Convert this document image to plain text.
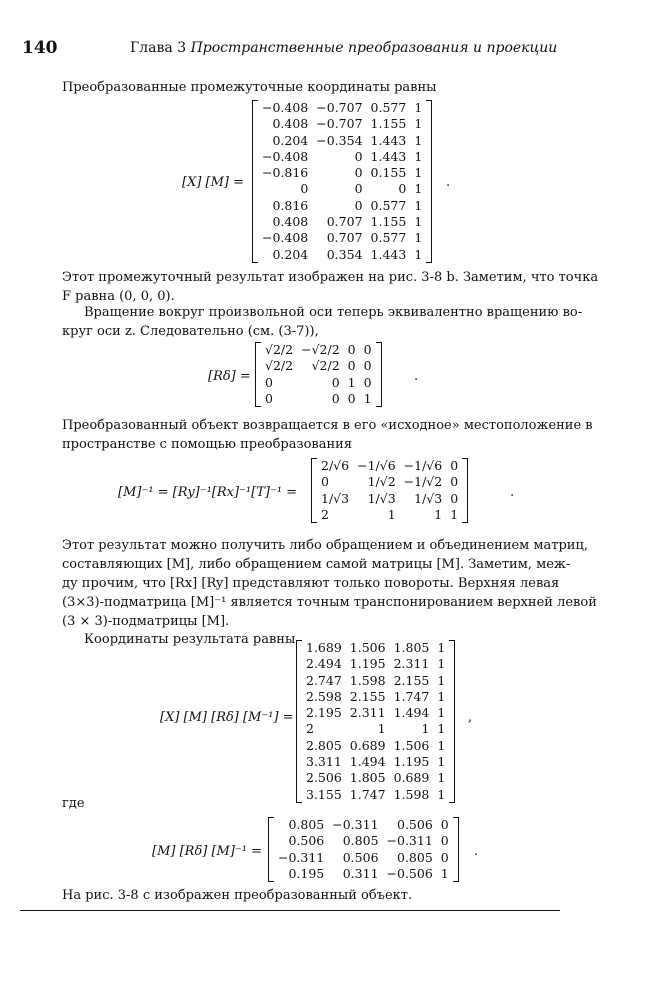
140	Глава 3 Пространственные преобразования и проекции
Преобразованные промежуточные координаты равны
[X] [M] =
−0.408	−0.707	0.577	1
0.408	−0.707	1.155	1
0.204	−0.354	1.443	1
−0.408	0	1.443	1
−0.816	0	0.155	1
0	0	0	1
0.816	0	0.577	1
0.408	0.707	1.155	1
−0.408	0.707	0.577	1
0.204	0.354	1.443	1
.
Этот промежуточный результат изображен на рис. 3-8 b. Заметим, что точка
F равна (0, 0, 0).
Вращение вокруг произвольной оси теперь эквивалентно вращению во-
круг оси z. Следовательно (см. (3-7)),
[Rδ] =
√2/2	−√2/2	0	0
√2/2	√2/2	0	0
0	0	1	0
0	0	0	1
.
Преобразованный объект возвращается в его «исходное» местоположение в
пространстве с помощью преобразования
[M]⁻¹ = [Ry]⁻¹[Rx]⁻¹[T]⁻¹ =
2/√6	−1/√6	−1/√6	0
0	1/√2	−1/√2	0
1/√3	1/√3	1/√3	0
2	1	1	1
.
Этот результат можно получить либо обращением и объединением матриц,
составляющих [M], либо обращением самой матрицы [M]. Заметим, меж-
ду прочим, что [Rx] [Ry] представляют только повороты. Верхняя левая
(3×3)-подматрица [M]⁻¹ является точным транспонированием верхней левой
(3 × 3)-подматрицы [M].
Координаты результата равны
[X] [M] [Rδ] [M⁻¹] =
1.689	1.506	1.805	1
2.494	1.195	2.311	1
2.747	1.598	2.155	1
2.598	2.155	1.747	1
2.195	2.311	1.494	1
2	1	1	1
2.805	0.689	1.506	1
3.311	1.494	1.195	1
2.506	1.805	0.689	1
3.155	1.747	1.598	1
,
где
[M] [Rδ] [M]⁻¹ =
0.805	−0.311	0.506	0
0.506	0.805	−0.311	0
−0.311	0.506	0.805	0
0.195	0.311	−0.506	1
.
На рис. 3-8 c изображен преобразованный объект.
